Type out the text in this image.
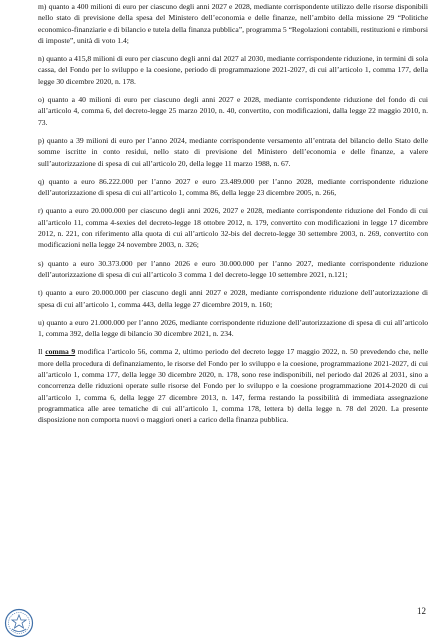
m) quanto a 400 milioni di euro per ciascuno degli anni 2027 e 2028, mediante corrispondente utilizzo delle risorse disponibili nello stato di previsione della spesa del Ministero dell’economia e delle finanze, nell’ambito della missione 29 “Politiche economico-finanziarie e di bilancio e tutela della finanza pubblica”, programma 5 “Regolazioni contabili, restituzioni e rimborsi di imposte”, unità di voto 1.4;

n) quanto a 415,8 milioni di euro per ciascuno degli anni dal 2027 al 2030, mediante corrispondente riduzione, in termini di sola cassa, del Fondo per lo sviluppo e la coesione, periodo di programmazione 2021-2027, di cui all’articolo 1, comma 177, della legge 30 dicembre 2020, n. 178.

o) quanto a 40 milioni di euro per ciascuno degli anni 2027 e 2028, mediante corrispondente riduzione del fondo di cui all’articolo 4, comma 6, del decreto-legge 25 marzo 2010, n. 40, convertito, con modificazioni, dalla legge 22 maggio 2010, n. 73.

p) quanto a 39 milioni di euro per l’anno 2024, mediante corrispondente versamento all’entrata del bilancio dello Stato delle somme iscritte in conto residui, nello stato di previsione del Ministero dell’economia e delle finanze, a valere sull’autorizzazione di spesa di cui all’articolo 20, della legge 11 marzo 1988, n. 67.

q) quanto a euro 86.222.000 per l’anno 2027 e euro 23.489.000 per l’anno 2028, mediante corrispondente riduzione dell’autorizzazione di spesa di cui all’articolo 1, comma 86, della legge 23 dicembre 2005, n. 266,

r) quanto a euro 20.000.000 per ciascuno degli anni 2026, 2027 e 2028, mediante corrispondente riduzione del Fondo di cui all’articolo 11, comma 4-sexies del decreto-legge 18 ottobre 2012, n. 179, convertito con modificazioni in legge 17 dicembre 2012, n. 221, con riferimento alla quota di cui all’articolo 32-bis del decreto-legge 30 settembre 2003, n. 269, convertito con modificazioni nella legge 24 novembre 2003, n. 326;

s) quanto a euro 30.373.000 per l’anno 2026 e euro 30.000.000 per l’anno 2027, mediante corrispondente riduzione dell’autorizzazione di spesa di cui all’articolo 3 comma 1 del decreto-legge 10 settembre 2021, n.121;

t) quanto a euro 20.000.000 per ciascuno degli anni 2027 e 2028, mediante corrispondente riduzione dell’autorizzazione di spesa di cui all’articolo 1, comma 443, della legge 27 dicembre 2019, n. 160;

u) quanto a euro 21.000.000 per l’anno 2026, mediante corrispondente riduzione dell’autorizzazione di spesa di cui all’articolo 1, comma 392, della legge di bilancio 30 dicembre 2021, n. 234.

Il comma 9 modifica l’articolo 56, comma 2, ultimo periodo del decreto legge 17 maggio 2022, n. 50 prevedendo che, nelle more della procedura di definanziamento, le risorse del Fondo per lo sviluppo e la coesione, programmazione 2021-2027, di cui all’articolo 1, comma 177, della legge 30 dicembre 2020, n. 178, sono rese indisponibili, nel periodo dal 2026 al 2031, sino a concorrenza delle riduzioni operate sulle risorse del Fondo per lo sviluppo e la coesione programmazione 2014-2020 di cui all’articolo 1, comma 6, della legge 27 dicembre 2013, n. 147, ferma restando la possibilità di immediata assegnazione programmatica alle aree tematiche di cui all’articolo 1, comma 178, lettera b) della legge n. 78 del 2020. La presente disposizione non comporta nuovi o maggiori oneri a carico della finanza pubblica.

12
